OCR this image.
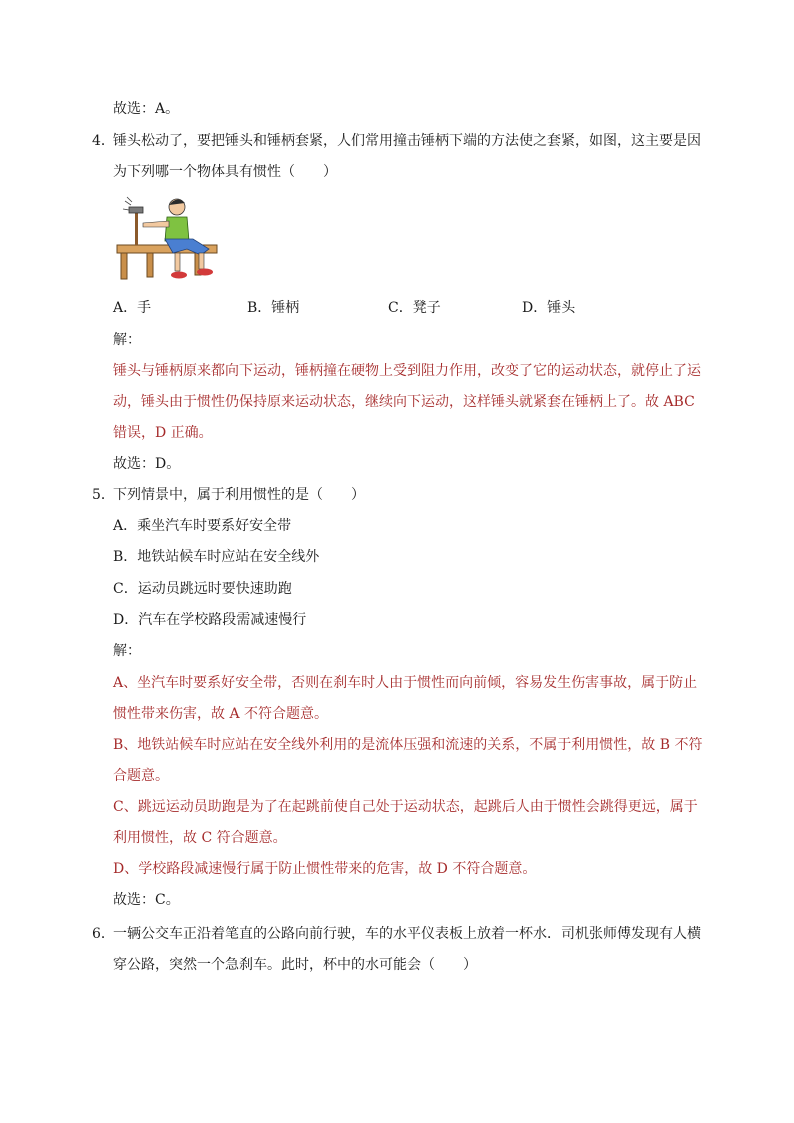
故选：A。
4．
锤头松动了，要把锤头和锤柄套紧，人们常用撞击锤柄下端的方法使之套紧，如图，这主要是因
为下列哪一个物体具有惯性（　　）
A．手	B．锤柄	C．凳子	D．锤头
解：
锤头与锤柄原来都向下运动，锤柄撞在硬物上受到阻力作用，改变了它的运动状态，就停止了运
动，锤头由于惯性仍保持原来运动状态，继续向下运动，这样锤头就紧套在锤柄上了。故 ABC
错误，D 正确。
故选：D。
5．
下列情景中，属于利用惯性的是（　　）
A．乘坐汽车时要系好安全带
B．地铁站候车时应站在安全线外
C．运动员跳远时要快速助跑
D．汽车在学校路段需减速慢行
解：
A、坐汽车时要系好安全带，否则在刹车时人由于惯性而向前倾，容易发生伤害事故，属于防止
惯性带来伤害，故 A 不符合题意。
B、地铁站候车时应站在安全线外利用的是流体压强和流速的关系，不属于利用惯性，故 B 不符
合题意。
C、跳远运动员助跑是为了在起跳前使自己处于运动状态，起跳后人由于惯性会跳得更远，属于
利用惯性，故 C 符合题意。
D、学校路段减速慢行属于防止惯性带来的危害，故 D 不符合题意。
故选：C。
6．
一辆公交车正沿着笔直的公路向前行驶，车的水平仪表板上放着一杯水．司机张师傅发现有人横
穿公路，突然一个急刹车。此时，杯中的水可能会（　　）
